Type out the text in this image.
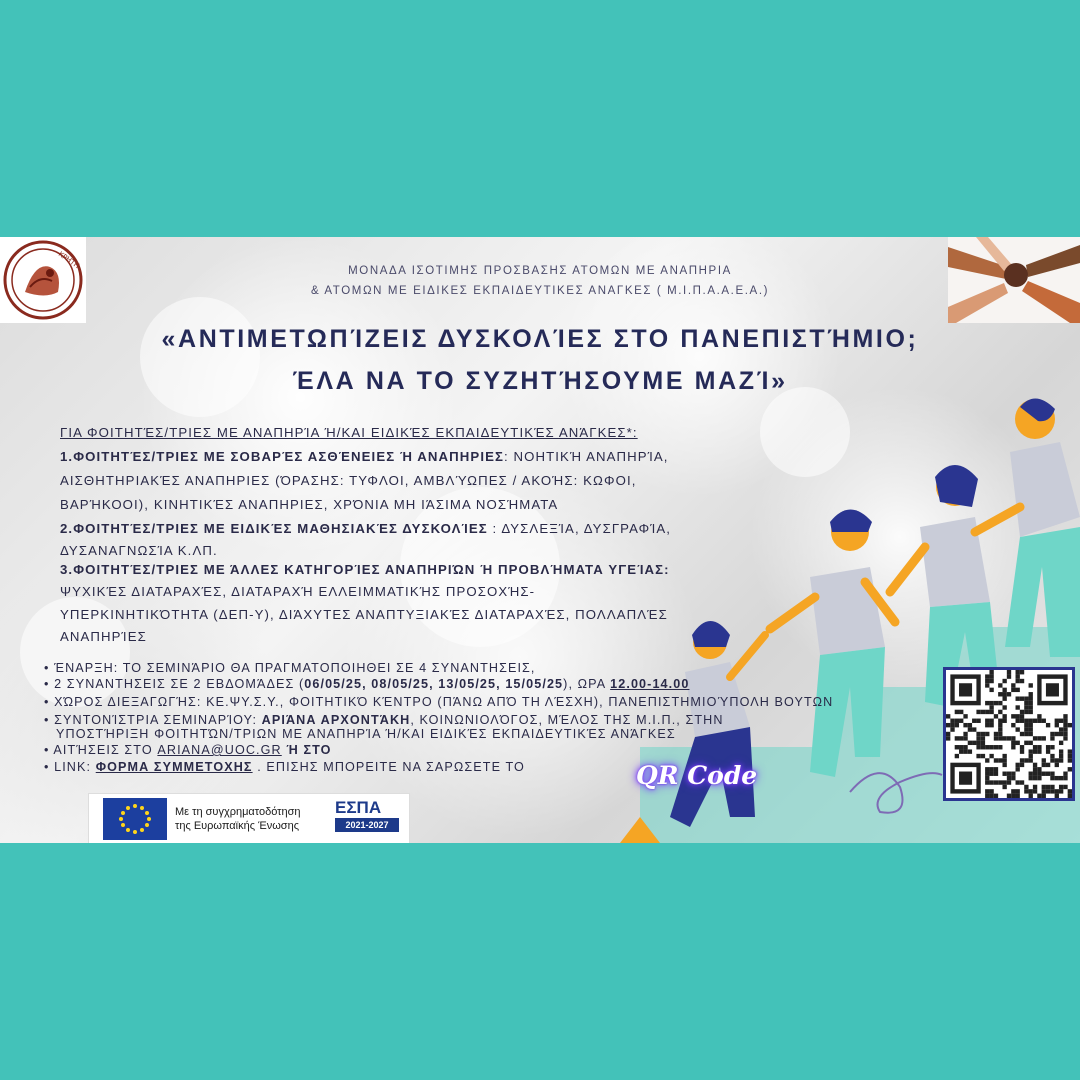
ΚΡΗΤΗ
ΜΟΝΑΔΑ ΙΣΟΤΙΜΗΣ ΠΡΟΣΒΑΣΗΣ ΑΤΟΜΩΝ ΜΕ ΑΝΑΠΗΡΙΑ
& ΑΤΟΜΩΝ ΜΕ ΕΙΔΙΚΕΣ ΕΚΠΑΙΔΕΥΤΙΚΕΣ ΑΝΑΓΚΕΣ ( Μ.Ι.Π.Α.Α.Ε.Α.)
«ΑΝΤΙΜΕΤΩΠΊΖΕΙΣ ΔΥΣΚΟΛΊΕΣ ΣΤΟ ΠΑΝΕΠΙΣΤΉΜΙΟ;
ΈΛΑ ΝΑ ΤΟ ΣΥΖΗΤΉΣΟΥΜΕ ΜΑΖΊ»
QR Code
ΓΙΑ ΦΟΙΤΗΤΈΣ/ΤΡΙΕΣ ΜΕ ΑΝΑΠΗΡΊΑ Ή/ΚΑΙ ΕΙΔΙΚΈΣ ΕΚΠΑΙΔΕΥΤΙΚΈΣ ΑΝΆΓΚΕΣ*:
1.ΦΟΙΤΗΤΈΣ/ΤΡΙΕΣ ΜΕ ΣΟΒΑΡΈΣ ΑΣΘΈΝΕΙΕΣ Ή ΑΝΑΠΗΡΙΕΣ: ΝΟΗΤΙΚΉ ΑΝΑΠΗΡΊΑ,
ΑΙΣΘΗΤΗΡΙΑΚΈΣ ΑΝΑΠΗΡΙΕΣ (ΌΡΑΣΗΣ: ΤΥΦΛΟΙ, ΑΜΒΛΎΩΠΕΣ / ΑΚΟΉΣ: ΚΩΦΟΙ,
ΒΑΡΉΚΟΟΙ), ΚΙΝΗΤΙΚΈΣ ΑΝΑΠΗΡΙΕΣ, ΧΡΌΝΙΑ ΜΗ ΙΆΣΙΜΑ ΝΟΣΉΜΑΤΑ
2.ΦΟΙΤΗΤΈΣ/ΤΡΙΕΣ ΜΕ ΕΙΔΙΚΈΣ ΜΑΘΗΣΙΑΚΈΣ ΔΥΣΚΟΛΊΕΣ : ΔΥΣΛΕΞΊΑ, ΔΥΣΓΡΑΦΊΑ,
ΔΥΣΑΝΑΓΝΩΣΊΑ Κ.ΛΠ.
3.ΦΟΙΤΗΤΈΣ/ΤΡΙΕΣ ΜΕ ΆΛΛΕΣ ΚΑΤΗΓΟΡΊΕΣ ΑΝΑΠΗΡΙΏΝ Ή ΠΡΟΒΛΉΜΑΤΑ ΥΓΕΊΑΣ:
ΨΥΧΙΚΈΣ ΔΙΑΤΑΡΑΧΈΣ, ΔΙΑΤΑΡΑΧΉ ΕΛΛΕΙΜΜΑΤΙΚΉΣ ΠΡΟΣΟΧΉΣ-
ΥΠΕΡΚΙΝΗΤΙΚΌΤΗΤΑ (ΔΕΠ-Υ), ΔΙΆΧΥΤΕΣ ΑΝΑΠΤΥΞΙΑΚΈΣ ΔΙΑΤΑΡΑΧΈΣ, ΠΟΛΛΑΠΛΈΣ
ΑΝΑΠΗΡΊΕΣ
• ΈΝΑΡΞΗ: ΤΟ ΣΕΜΙΝΆΡΙΟ ΘΑ ΠΡΑΓΜΑΤΟΠΟΙΗΘΕΙ ΣΕ 4 ΣΥΝΑΝΤΗΣΕΙΣ,
• 2 ΣΥΝΑΝΤΗΣΕΙΣ ΣΕ 2 ΕΒΔΟΜΆΔΕΣ (06/05/25, 08/05/25, 13/05/25, 15/05/25), ΩΡΑ 12.00-14.00
• ΧΏΡΟΣ ΔΙΕΞΑΓΩΓΉΣ: ΚΕ.ΨΥ.Σ.Υ., ΦΟΙΤΗΤΙΚΌ ΚΈΝΤΡΟ (ΠΆΝΩ ΑΠΌ ΤΗ ΛΈΣΧΗ), ΠΑΝΕΠΙΣΤΗΜΙΟΎΠΟΛΗ ΒΟΥΤΩΝ
• ΣΥΝΤΟΝΊΣΤΡΙΑ ΣΕΜΙΝΑΡΊΟΥ: ΑΡΙΆΝΑ ΑΡΧΟΝΤΆΚΗ, ΚΟΙΝΩΝΙΟΛΌΓΟΣ, ΜΈΛΟΣ ΤΗΣ Μ.Ι.Π., ΣΤΗΝ
ΥΠΟΣΤΉΡΙΞΗ ΦΟΙΤΗΤΏΝ/ΤΡΙΩΝ ΜΕ ΑΝΑΠΗΡΊΑ Ή/ΚΑΙ ΕΙΔΙΚΈΣ ΕΚΠΑΙΔΕΥΤΙΚΈΣ ΑΝΆΓΚΕΣ
• ΑΙΤΉΣΕΙΣ ΣΤΟ ARIANA@UOC.GR Ή ΣΤΟ
• LINK: ΦΟΡΜΑ ΣΥΜΜΕΤΟΧΗΣ . ΕΠΙΣΗΣ ΜΠΟΡΕΙΤΕ ΝΑ ΣΑΡΩΣΕΤΕ ΤΟ
Με τη συγχρηματοδότηση
της Ευρωπαϊκής Ένωσης
ΕΣΠΑ
2021-2027
